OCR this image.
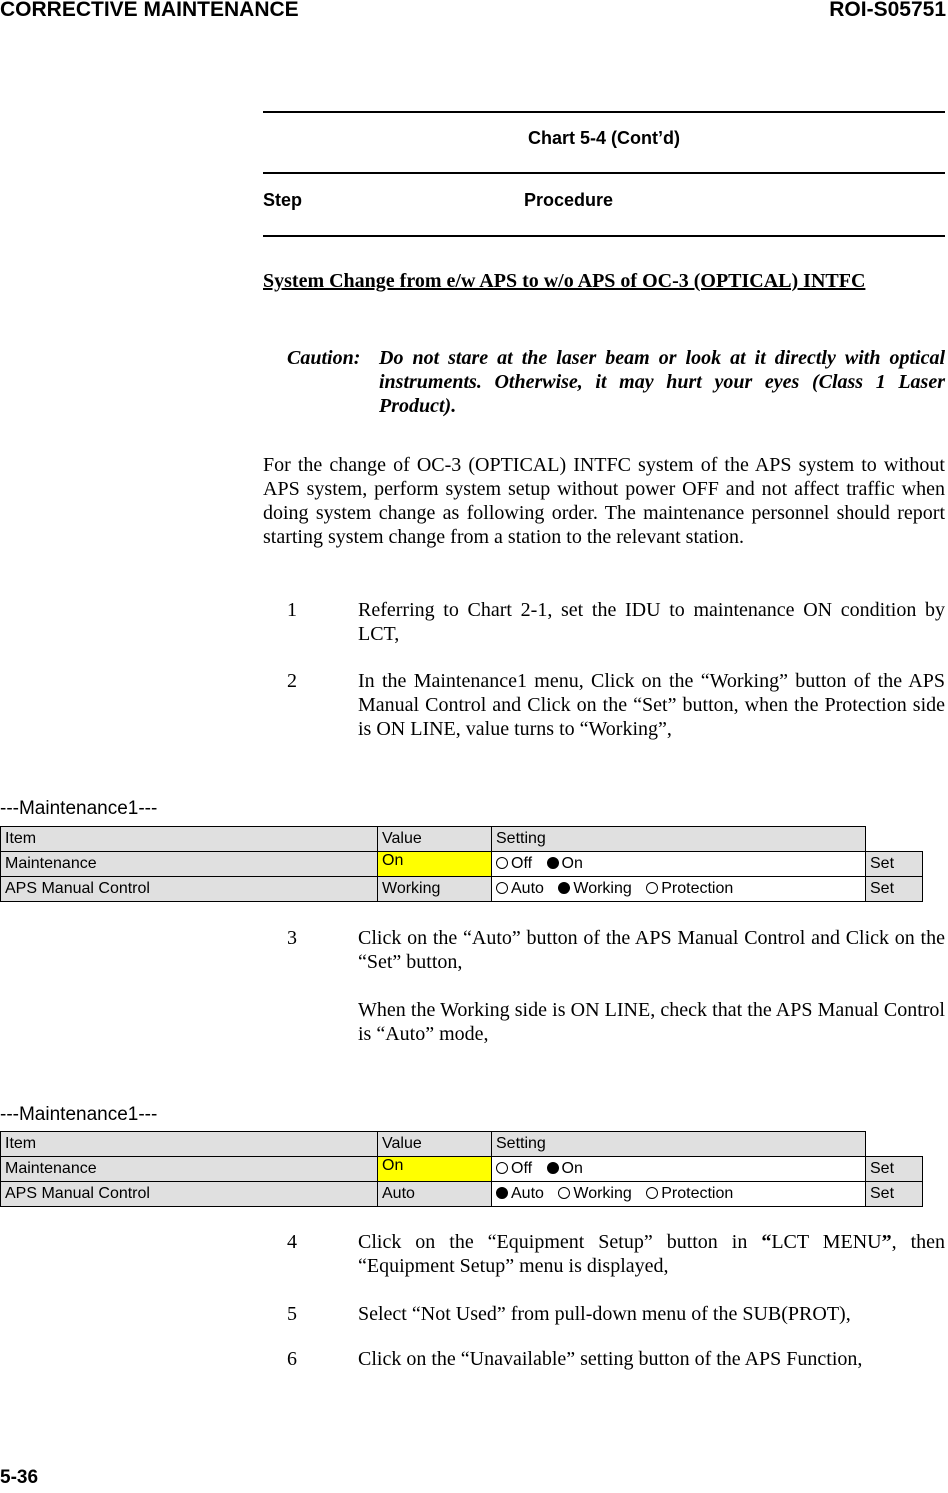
CORRECTIVE MAINTENANCE	ROI-S05751
Chart 5-4 (Cont’d)
Step	Procedure
System Change from e/w APS to w/o APS of OC-3 (OPTICAL) INTFC
Caution: Do not stare at the laser beam or look at it directly with optical instruments. Otherwise, it may hurt your eyes (Class 1 Laser Product).
For the change of OC-3 (OPTICAL) INTFC system of the APS system to without APS system, perform system setup without power OFF and not affect traffic when doing system change as following order. The maintenance personnel should report starting system change from a station to the relevant station.
1	Referring to Chart 2-1, set the IDU to maintenance ON condition by LCT,
2	In the Maintenance1 menu, Click on the “Working” button of the APS Manual Control and Click on the “Set” button, when the Protection side is ON LINE, value turns to “Working”,
---Maintenance1---
Item	Value	Setting	
Maintenance	On	Off On	Set
APS Manual Control	Working	Auto Working Protection	Set
3	Click on the “Auto” button of the APS Manual Control and Click on the “Set” button,

When the Working side is ON LINE, check that the APS Manual Control is “Auto” mode,

---Maintenance1---
Item	Value	Setting	
Maintenance	On	Off On	Set
APS Manual Control	Auto	Auto Working Protection	Set
4	Click on the “Equipment Setup” button in “LCT MENU”, then “Equipment Setup” menu is displayed,
5	Select “Not Used” from pull-down menu of the SUB(PROT),
6	Click on the “Unavailable” setting button of the APS Function,
5-36
